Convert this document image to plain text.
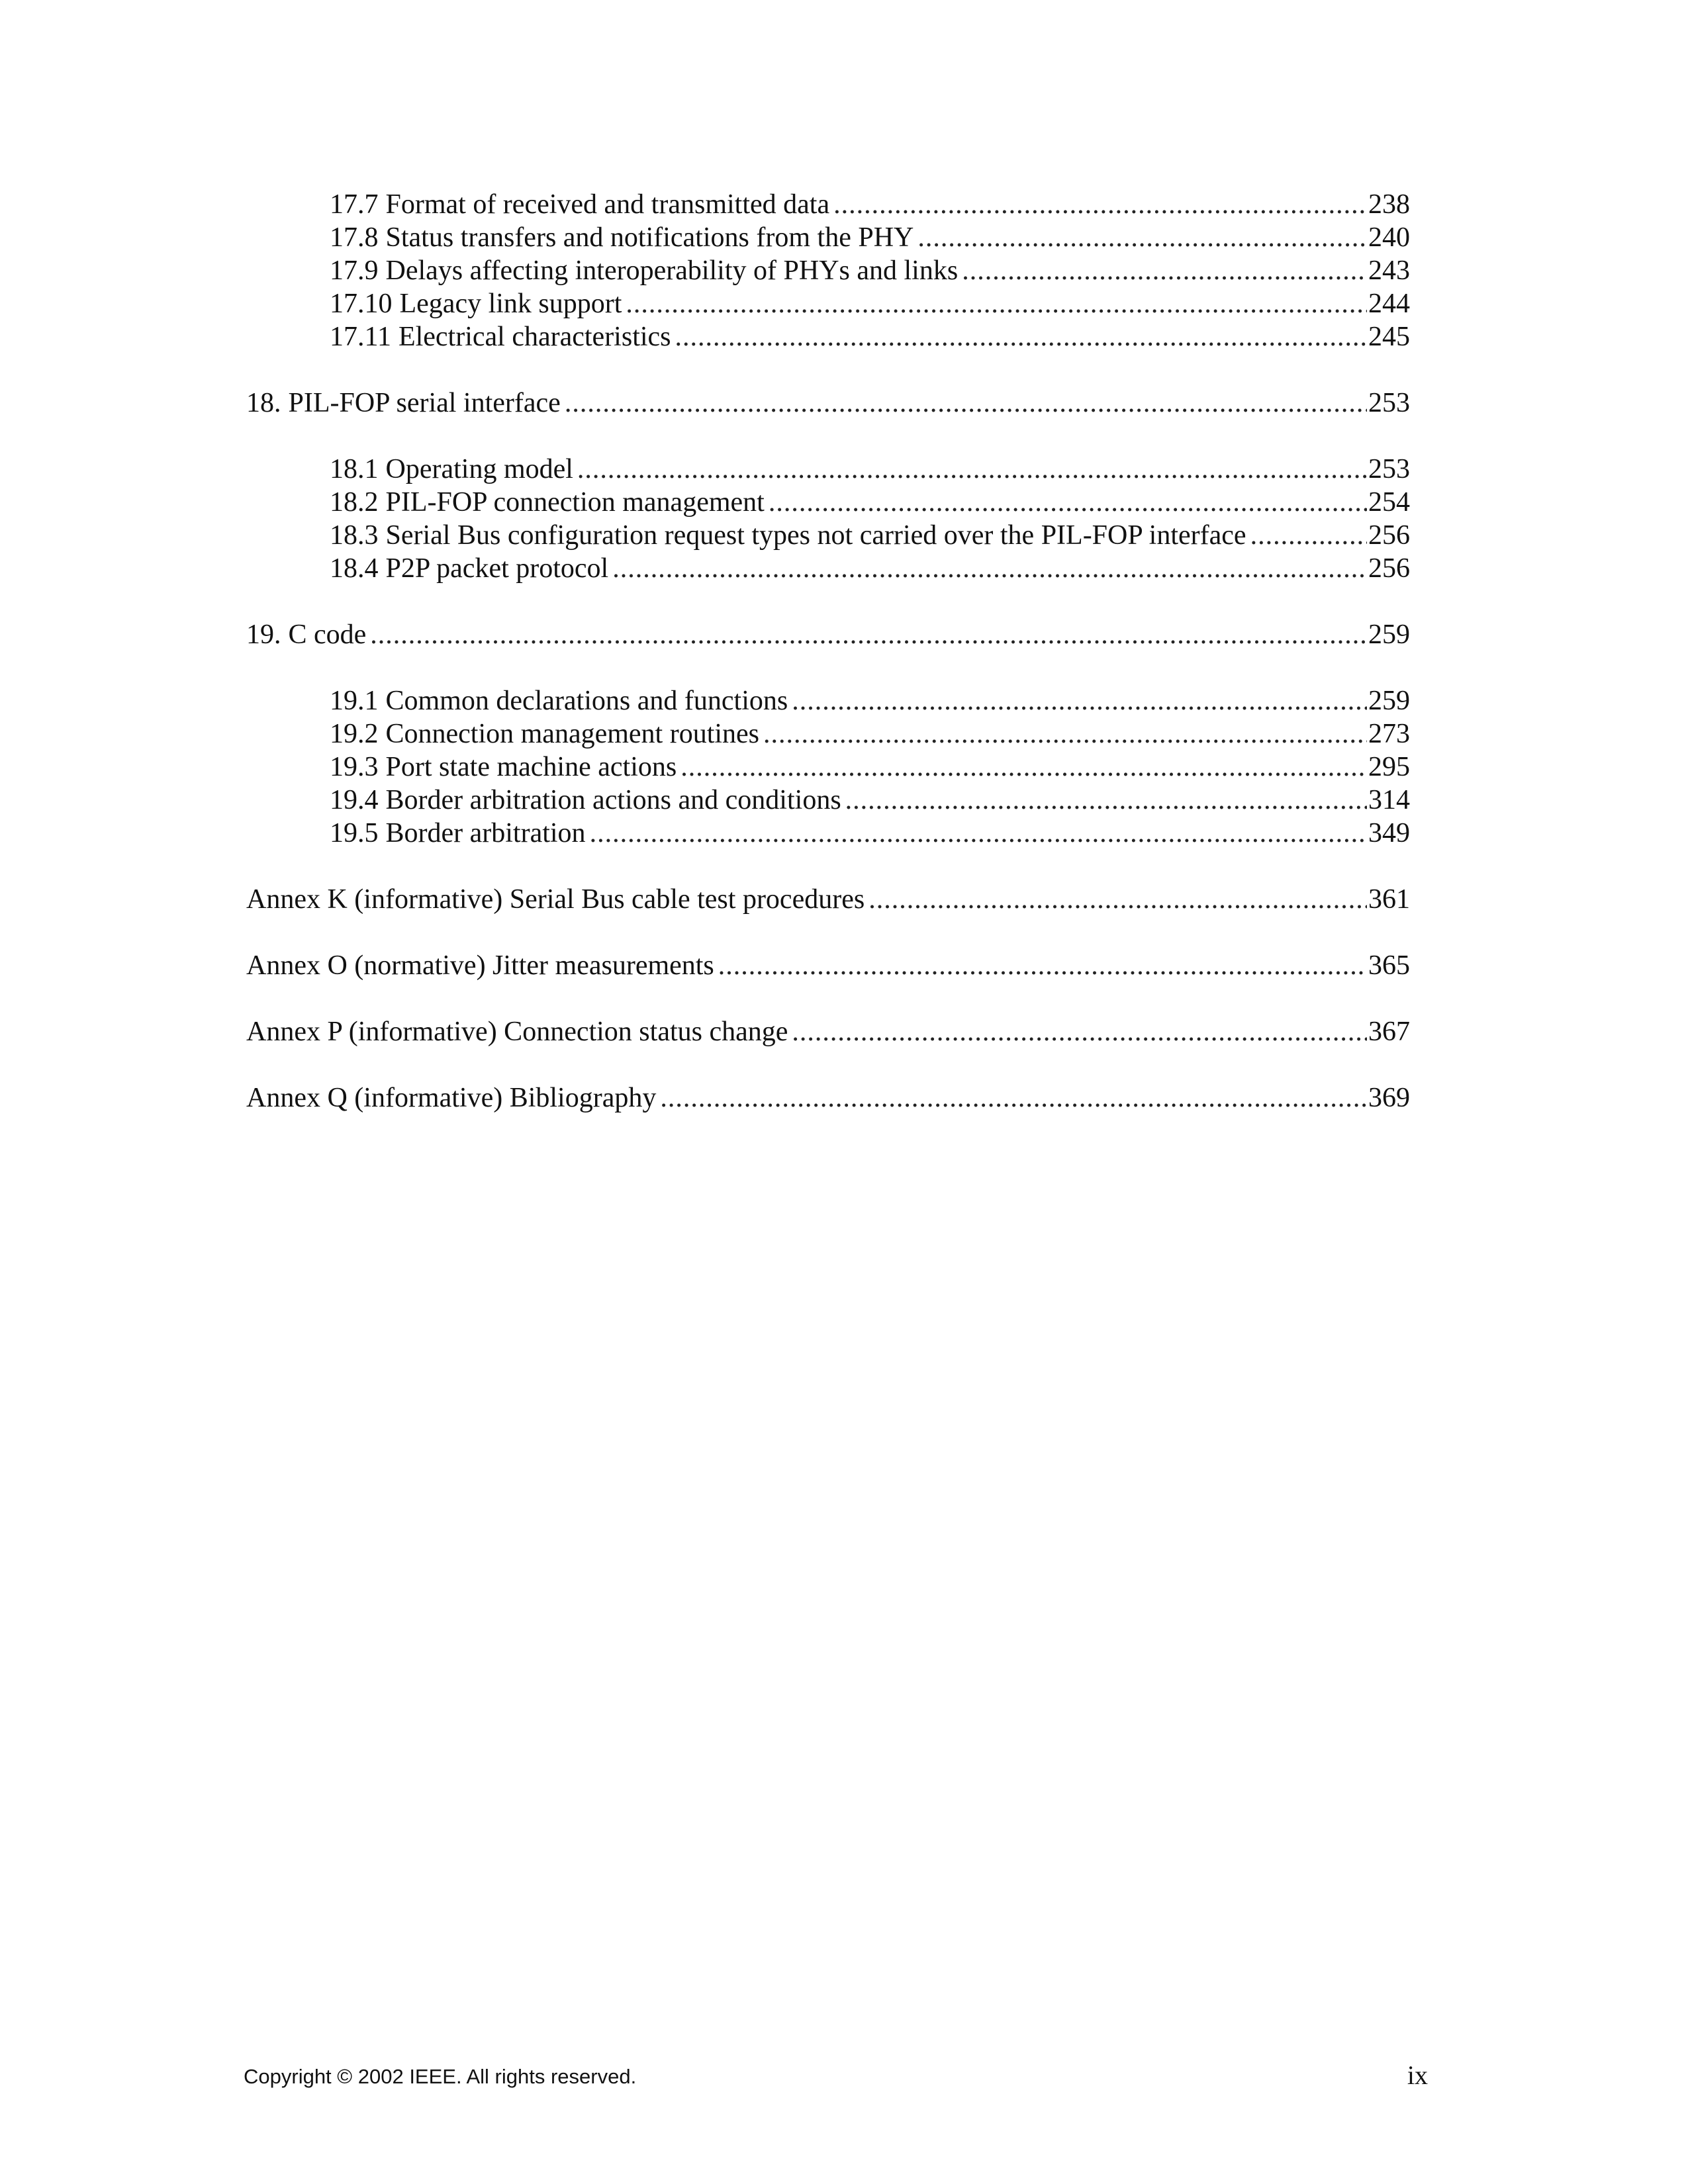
17.7 Format of received and transmitted data .....	238
17.8 Status transfers and notifications from the PHY .....	240
17.9 Delays affecting interoperability of PHYs and links .....	243
17.10 Legacy link support .....	244
17.11 Electrical characteristics .....	245
18. PIL-FOP serial interface .....	253
18.1 Operating model .....	253
18.2 PIL-FOP connection management .....	254
18.3 Serial Bus configuration request types not carried over the PIL-FOP interface .....	256
18.4 P2P packet protocol .....	256
19. C code .....	259
19.1 Common declarations and functions .....	259
19.2 Connection management routines .....	273
19.3 Port state machine actions .....	295
19.4 Border arbitration actions and conditions .....	314
19.5 Border arbitration .....	349
Annex K (informative) Serial Bus cable test procedures .....	361
Annex O (normative) Jitter measurements .....	365
Annex P (informative) Connection status change .....	367
Annex Q (informative) Bibliography .....	369
Copyright © 2002 IEEE. All rights reserved.	ix
